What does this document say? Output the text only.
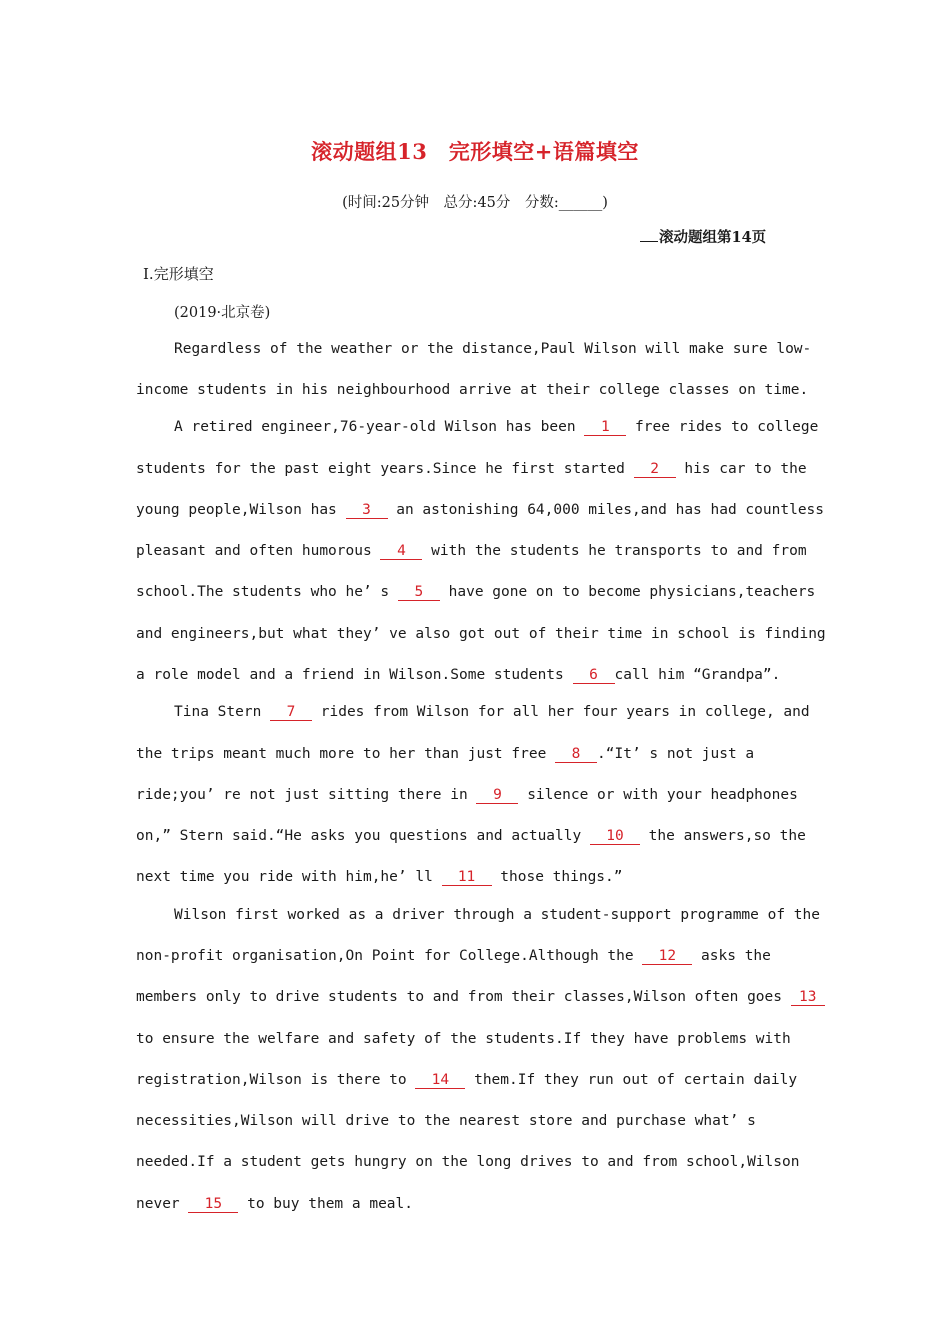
滚动题组13　完形填空+语篇填空
(时间:25分钟　总分:45分　分数:______)
滚动题组第14页
Ⅰ.完形填空
(2019·北京卷)
Regardless of the weather or the distance,Paul Wilson will make sure low-
income students in his neighbourhood arrive at their college classes on time.
A retired engineer,76-year-old Wilson has been 1 free rides to college
students for the past eight years.Since he first started 2 his car to the
young people,Wilson has 3 an astonishing 64,000 miles,and has had countless
pleasant and often humorous 4 with the students he transports to and from
school.The students who he’ s 5 have gone on to become physicians,teachers
and engineers,but what they’ ve also got out of their time in school is finding
a role model and a friend in Wilson.Some students 6 call him “Grandpa”.
Tina Stern 7 rides from Wilson for all her four years in college, and
the trips meant much more to her than just free 8 .“It’ s not just a
ride;you’ re not just sitting there in 9 silence or with your headphones
on,” Stern said.“He asks you questions and actually 10 the answers,so the
next time you ride with him,he’ ll 11 those things.”
Wilson first worked as a driver through a student-support programme of the
non-profit organisation,On Point for College.Although the 12 asks the
members only to drive students to and from their classes,Wilson often goes 13
to ensure the welfare and safety of the students.If they have problems with
registration,Wilson is there to 14 them.If they run out of certain daily
necessities,Wilson will drive to the nearest store and purchase what’ s
needed.If a student gets hungry on the long drives to and from school,Wilson
never 15 to buy them a meal.
